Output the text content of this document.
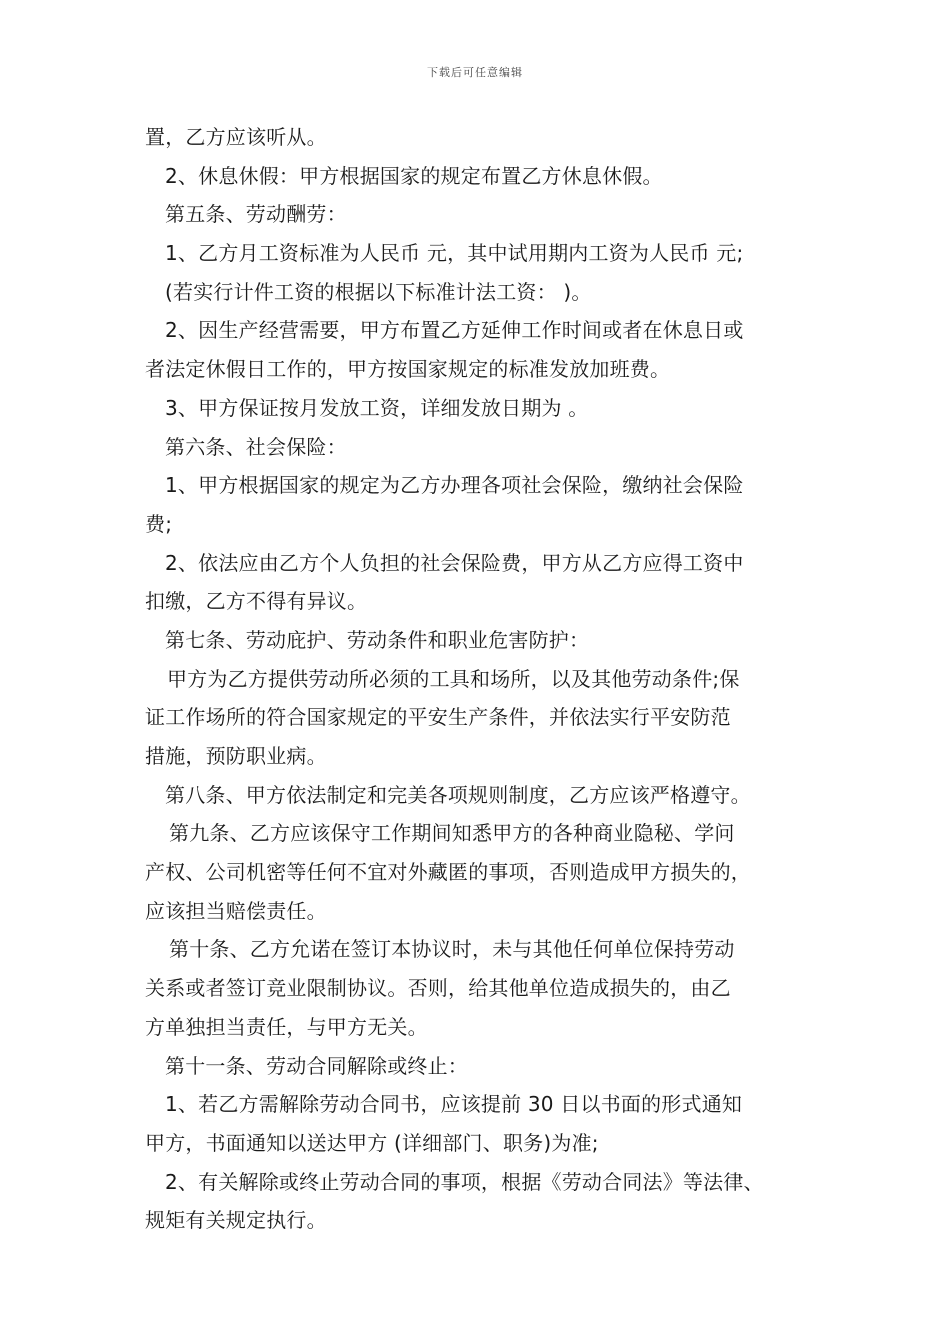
下载后可任意编辑
置，乙方应该听从。
2、休息休假：甲方根据国家的规定布置乙方休息休假。
第五条、劳动酬劳：
1、乙方月工资标准为人民币 元，其中试用期内工资为人民币 元;
(若实行计件工资的根据以下标准计法工资： )。
2、因生产经营需要，甲方布置乙方延伸工作时间或者在休息日或
者法定休假日工作的，甲方按国家规定的标准发放加班费。
3、甲方保证按月发放工资，详细发放日期为 。
第六条、社会保险：
1、甲方根据国家的规定为乙方办理各项社会保险，缴纳社会保险
费;
2、依法应由乙方个人负担的社会保险费，甲方从乙方应得工资中
扣缴，乙方不得有异议。
第七条、劳动庇护、劳动条件和职业危害防护：
甲方为乙方提供劳动所必须的工具和场所，以及其他劳动条件;保
证工作场所的符合国家规定的平安生产条件，并依法实行平安防范
措施，预防职业病。
第八条、甲方依法制定和完美各项规则制度，乙方应该严格遵守。
第九条、乙方应该保守工作期间知悉甲方的各种商业隐秘、学问
产权、公司机密等任何不宜对外藏匿的事项，否则造成甲方损失的，
应该担当赔偿责任。
第十条、乙方允诺在签订本协议时，未与其他任何单位保持劳动
关系或者签订竞业限制协议。否则，给其他单位造成损失的，由乙
方单独担当责任，与甲方无关。
第十一条、劳动合同解除或终止：
1、若乙方需解除劳动合同书，应该提前 30 日以书面的形式通知
甲方，书面通知以送达甲方 (详细部门、职务)为准;
2、有关解除或终止劳动合同的事项，根据《劳动合同法》等法律、
规矩有关规定执行。
